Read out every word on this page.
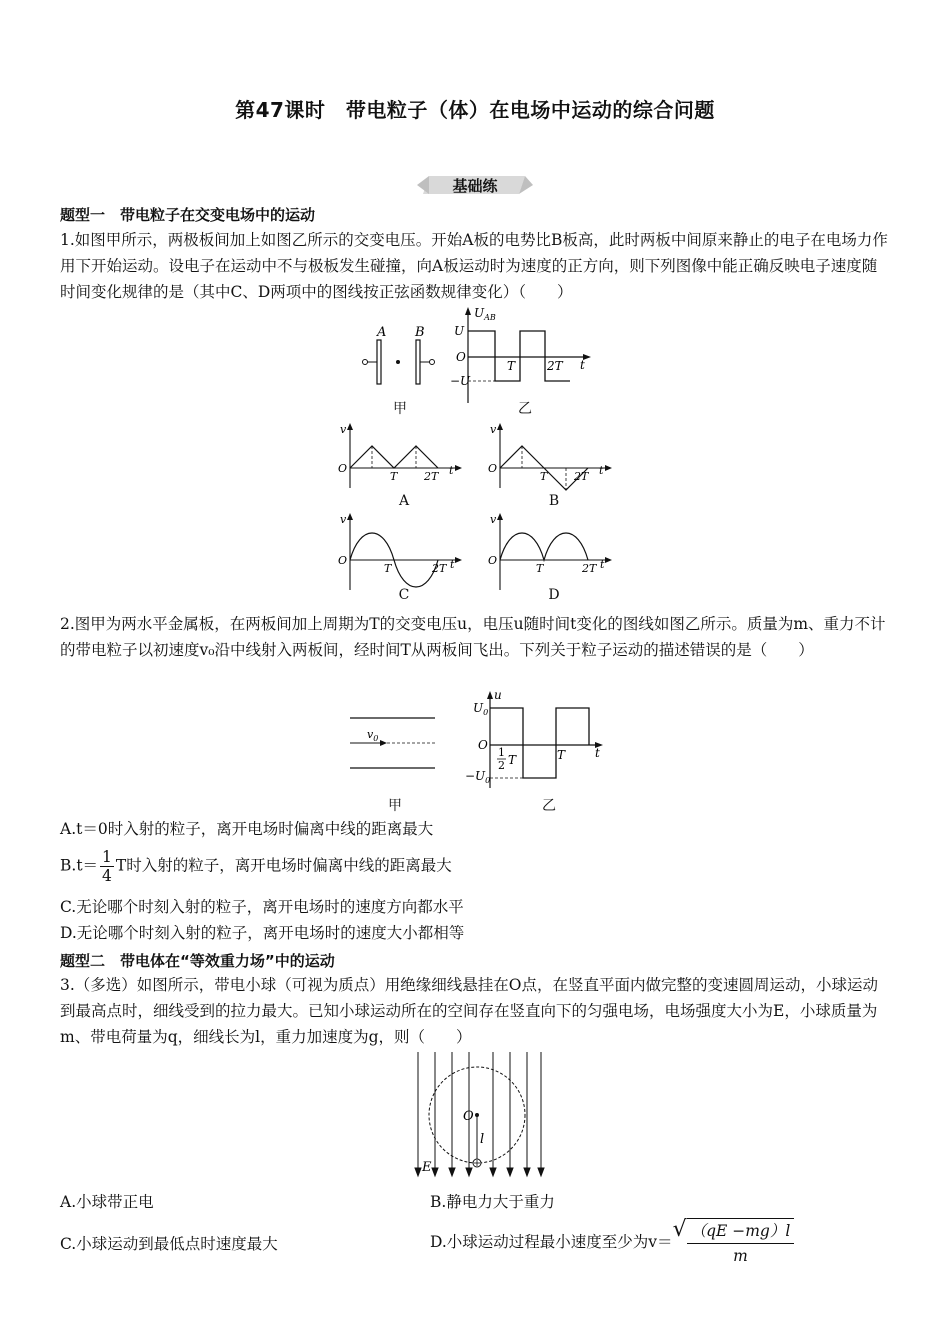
第47课时　带电粒子（体）在电场中运动的综合问题
基础练
题型一　带电粒子在交变电场中的运动
1.如图甲所示，两极板间加上如图乙所示的交变电压。开始A板的电势比B板高，此时两板中间原来静止的电子在电场力作用下开始运动。设电子在运动中不与极板发生碰撞，向A板运动时为速度的正方向，则下列图像中能正确反映电子速度随时间变化规律的是（其中C、D两项中的图线按正弦函数规律变化）（　　）
A B
甲
$U_{AB}$
U
−U
O
T	2T t
乙
v
O
T 2T t
A
v
O
T 2T t
B
v
O
T	2T t
C
v
O
T	2T t
D
2.图甲为两水平金属板，在两板间加上周期为T的交变电压u，电压u随时间t变化的图线如图乙所示。质量为m、重力不计的带电粒子以初速度v₀沿中线射入两板间，经时间T从两板间飞出。下列关于粒子运动的描述错误的是（　　）
$v_0$
甲
u
$U_0$
$-U_0$
O
1
2 T	T t
乙
A.t＝0时入射的粒子，离开电场时偏离中线的距离最大
$B.t= \frac{1}{4}$ T时入射的粒子，离开电场时偏离中线的距离最大
C.无论哪个时刻入射的粒子，离开电场时的速度方向都水平
D.无论哪个时刻入射的粒子，离开电场时的速度大小都相等
题型二　带电体在“等效重力场”中的运动
3.（多选）如图所示，带电小球（可视为质点）用绝缘细线悬挂在O点，在竖直平面内做完整的变速圆周运动，小球运动到最高点时，细线受到的拉力最大。已知小球运动所在的空间存在竖直向下的匀强电场，电场强度大小为E，小球质量为m、带电荷量为q，细线长为l，重力加速度为g，则（　　）
O
l
E
A.小球带正电	B.静电力大于重力
C.小球运动到最低点时速度最大	D.小球运动过程最小速度至少为v＝ √ $\frac{(qE -mg)l}{m}$
